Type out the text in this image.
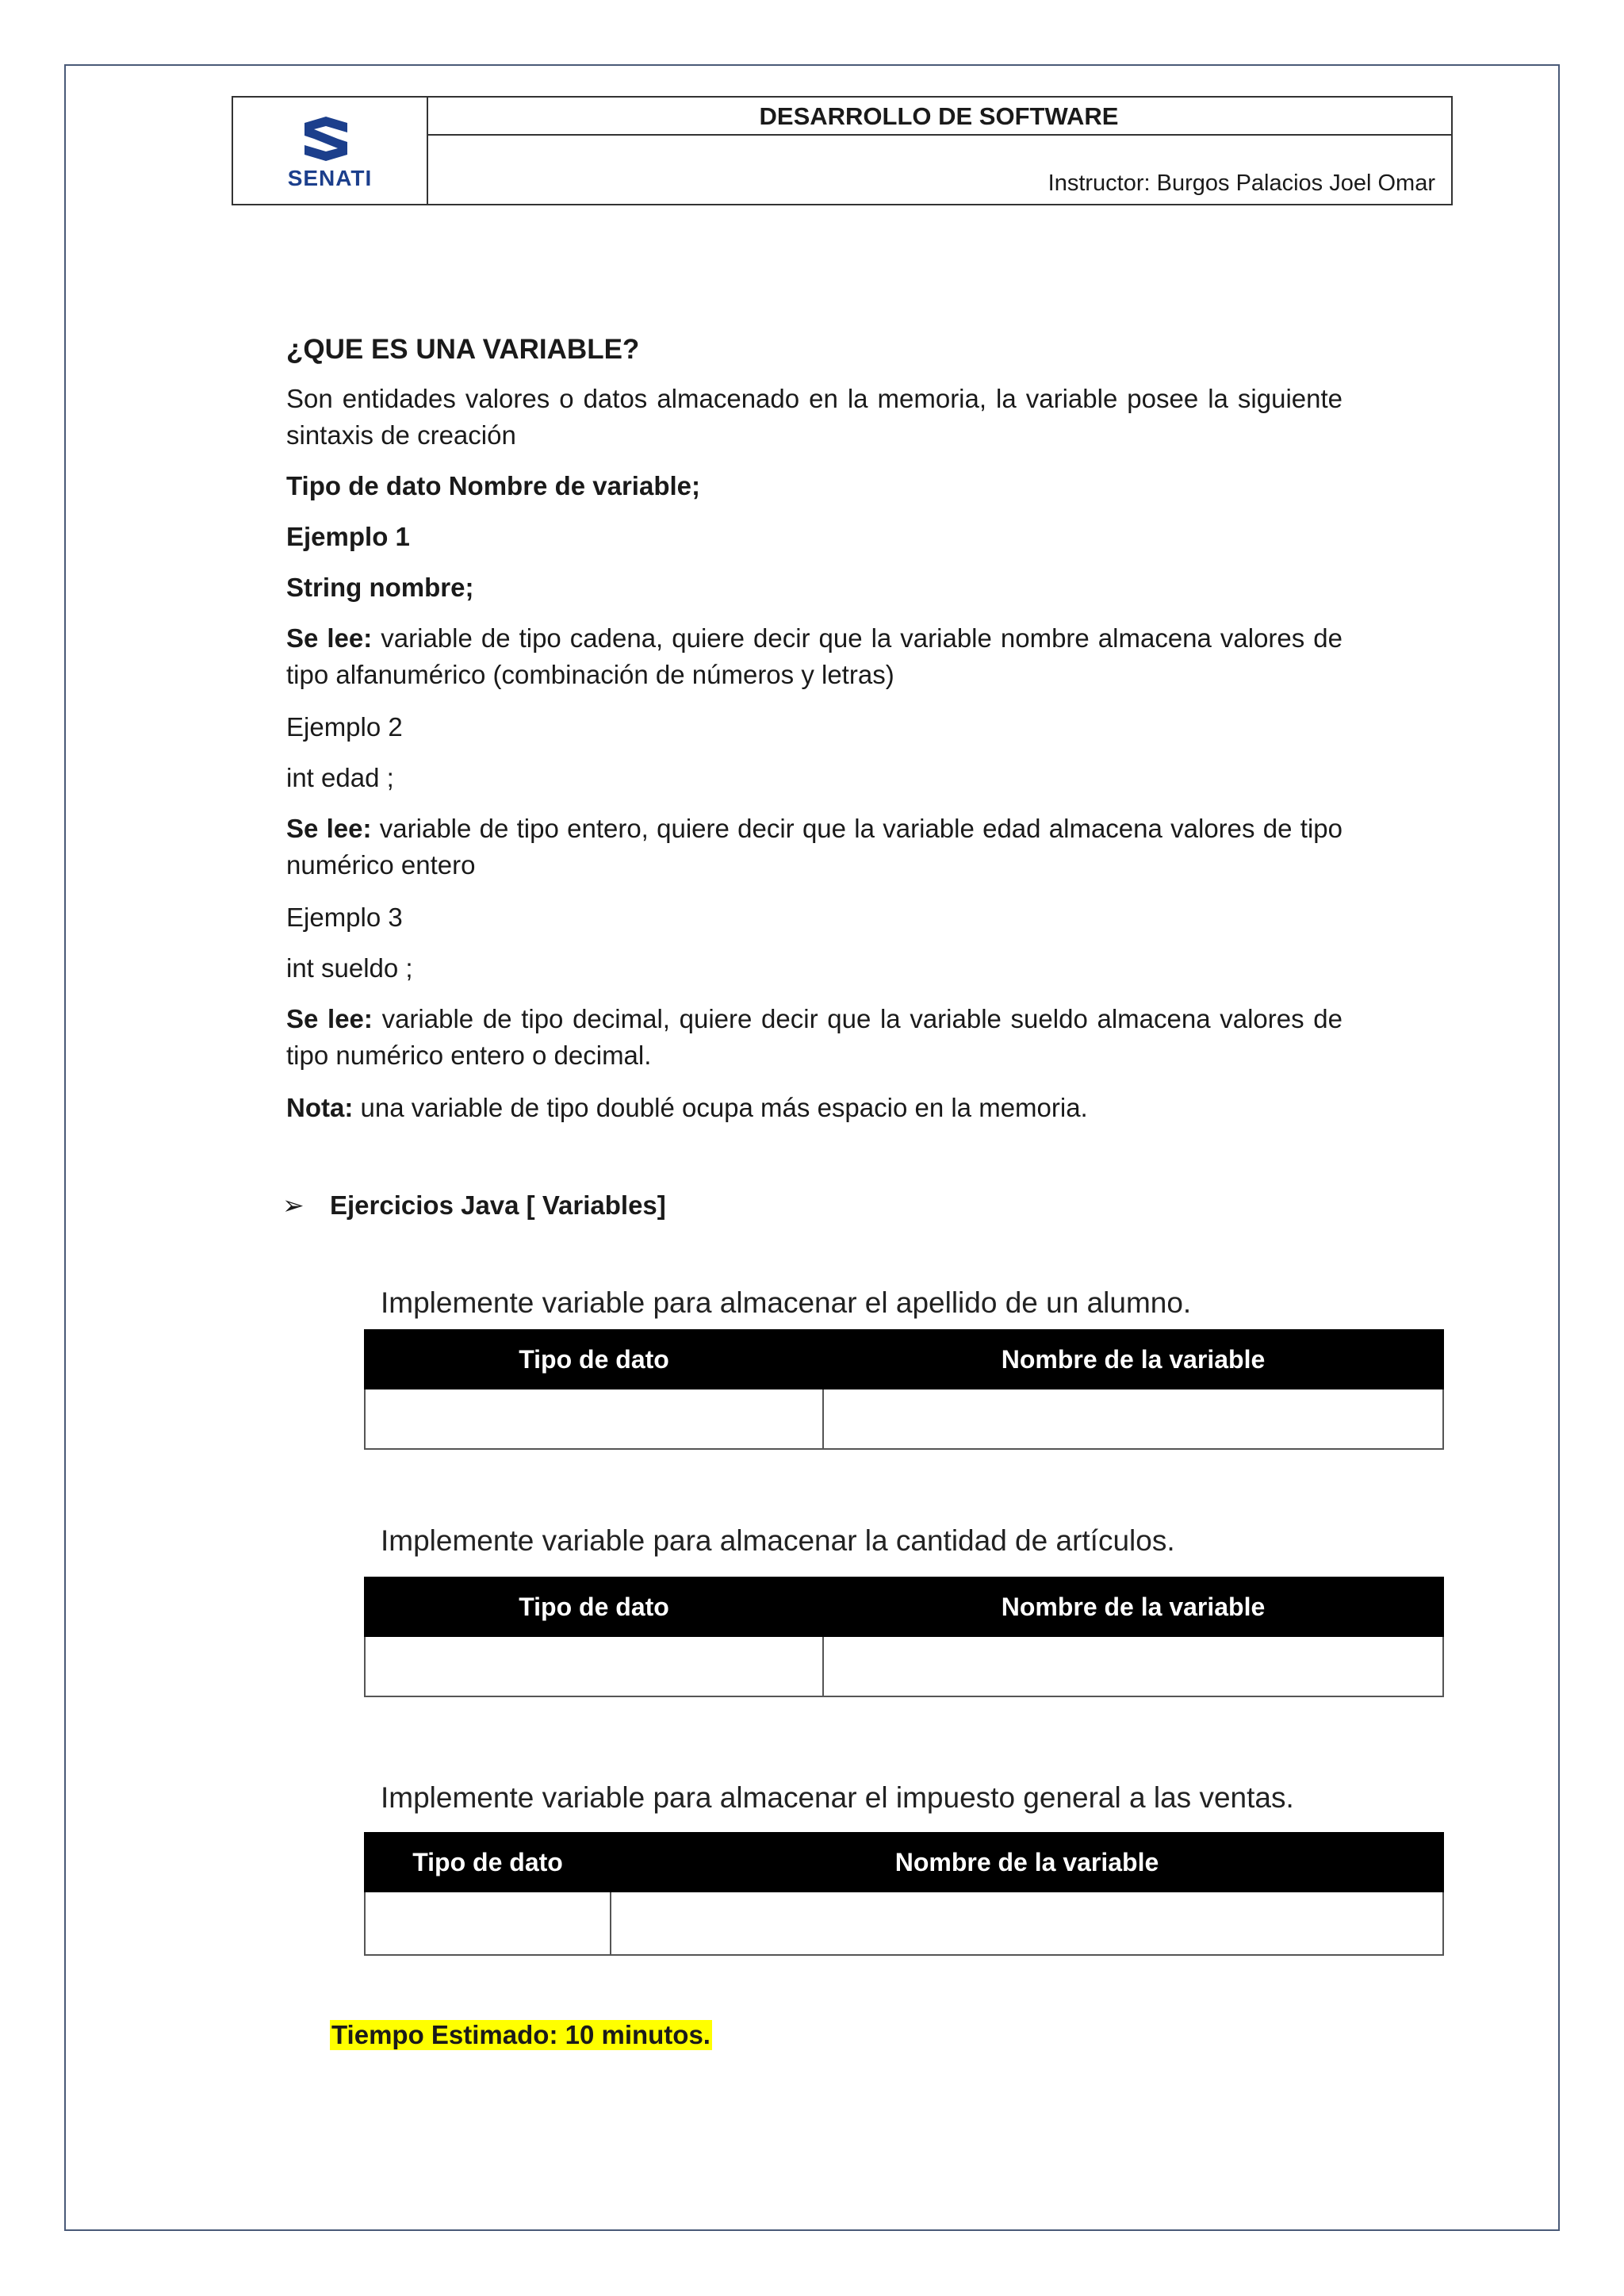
SENATI
DESARROLLO DE SOFTWARE
Instructor: Burgos Palacios Joel Omar
¿QUE ES UNA VARIABLE?
Son entidades valores o datos almacenado en la memoria, la variable posee la siguiente sintaxis de creación
Tipo de dato Nombre de variable;
Ejemplo 1
String nombre;
Se lee: variable de tipo cadena, quiere decir que la variable nombre almacena valores de tipo alfanumérico (combinación de números y letras)
Ejemplo 2
int edad ;
Se lee: variable de tipo entero, quiere decir que la variable edad almacena valores de tipo numérico entero
Ejemplo 3
int sueldo ;
Se lee: variable de tipo decimal, quiere decir que la variable sueldo almacena valores de tipo numérico entero o decimal.
Nota: una variable de tipo doublé ocupa más espacio en la memoria.
➢ Ejercicios Java [ Variables]
Implemente variable para almacenar el apellido de un alumno.
Tipo de dato	Nombre de la variable

Implemente variable para almacenar la cantidad de artículos.
Tipo de dato	Nombre de la variable

Implemente variable para almacenar el impuesto general a las ventas.
Tipo de dato	Nombre de la variable

Tiempo Estimado: 10 minutos.
